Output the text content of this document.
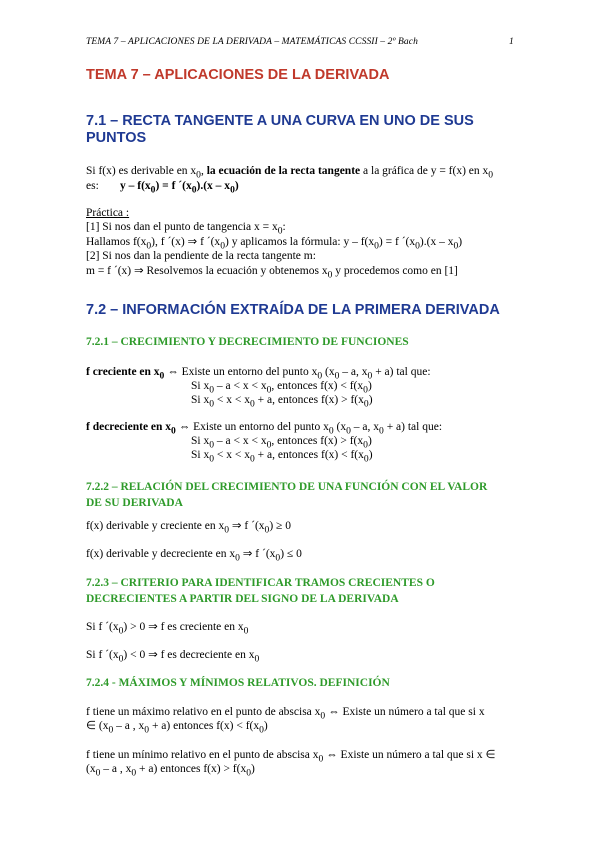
TEMA 7 – APLICACIONES DE LA DERIVADA – MATEMÁTICAS CCSSII – 2º Bach	1
TEMA 7 – APLICACIONES DE LA DERIVADA
7.1 – RECTA TANGENTE A UNA CURVA EN UNO DE SUS
PUNTOS
Si f(x) es derivable en $x_0$, la ecuación de la recta tangente a la gráfica de y = f(x) en $x_0$
es: $y - f(x_0) = f$ $´(x_0).(x - x_0)$
Práctica :
[1] Si nos dan el punto de tangencia $x = x_0$:
Hallamos $f(x_0)$, f ´(x) ⇒ f $´(x_0)$ y aplicamos la fórmula: $y - f(x_0) = f$ $´(x_0).(x - x_0)$
[2] Si nos dan la pendiente de la recta tangente m:
m = f ´(x) ⇒ Resolvemos la ecuación y obtenemos $x_0$ y procedemos como en [1]
7.2 – INFORMACIÓN EXTRAÍDA DE LA PRIMERA DERIVADA
7.2.1 – CRECIMIENTO Y DECRECIMIENTO DE FUNCIONES
f creciente en $x_0$ ⇔ Existe un entorno del punto $x_0$ ($x_0$ – a, $x_0 + a$) tal que:
Si $x_0 - a < x < x_0$, entonces $f(x) < f(x_0)$
Si $x_0 < x < x_0 + a$, entonces $f(x) > f(x_0)$
f decreciente en $x_0$ ⇔ Existe un entorno del punto $x_0$ ($x_0$ – a, $x_0 + a$) tal que:
Si $x_0 - a < x < x_0$, entonces $f(x) > f(x_0)$
Si $x_0 < x < x_0 + a$, entonces $f(x) < f(x_0)$
7.2.2 – RELACIÓN DEL CRECIMIENTO DE UNA FUNCIÓN CON EL VALOR
DE SU DERIVADA
f(x) derivable y creciente en $x_0$ ⇒ f $´(x_0) \ge 0$
f(x) derivable y decreciente en $x_0$ ⇒ f $´(x_0) \le 0$
7.2.3 – CRITERIO PARA IDENTIFICAR TRAMOS CRECIENTES O
DECRECIENTES A PARTIR DEL SIGNO DE LA DERIVADA
Si f $´(x_0) > 0$ ⇒ f es creciente en $x_0$
Si f $´(x_0) < 0$ ⇒ f es decreciente en $x_0$
7.2.4 - MÁXIMOS Y MÍNIMOS RELATIVOS. DEFINICIÓN
f tiene un máximo relativo en el punto de abscisa $x_0$ ⇔ Existe un número a tal que si x
∈ ($x_0$ – a , $x_0 + a$) entonces $f(x) < f(x_0)$
f tiene un mínimo relativo en el punto de abscisa $x_0$ ⇔ Existe un número a tal que si x ∈
($x_0$ – a , $x_0 + a$) entonces $f(x) > f(x_0)$
